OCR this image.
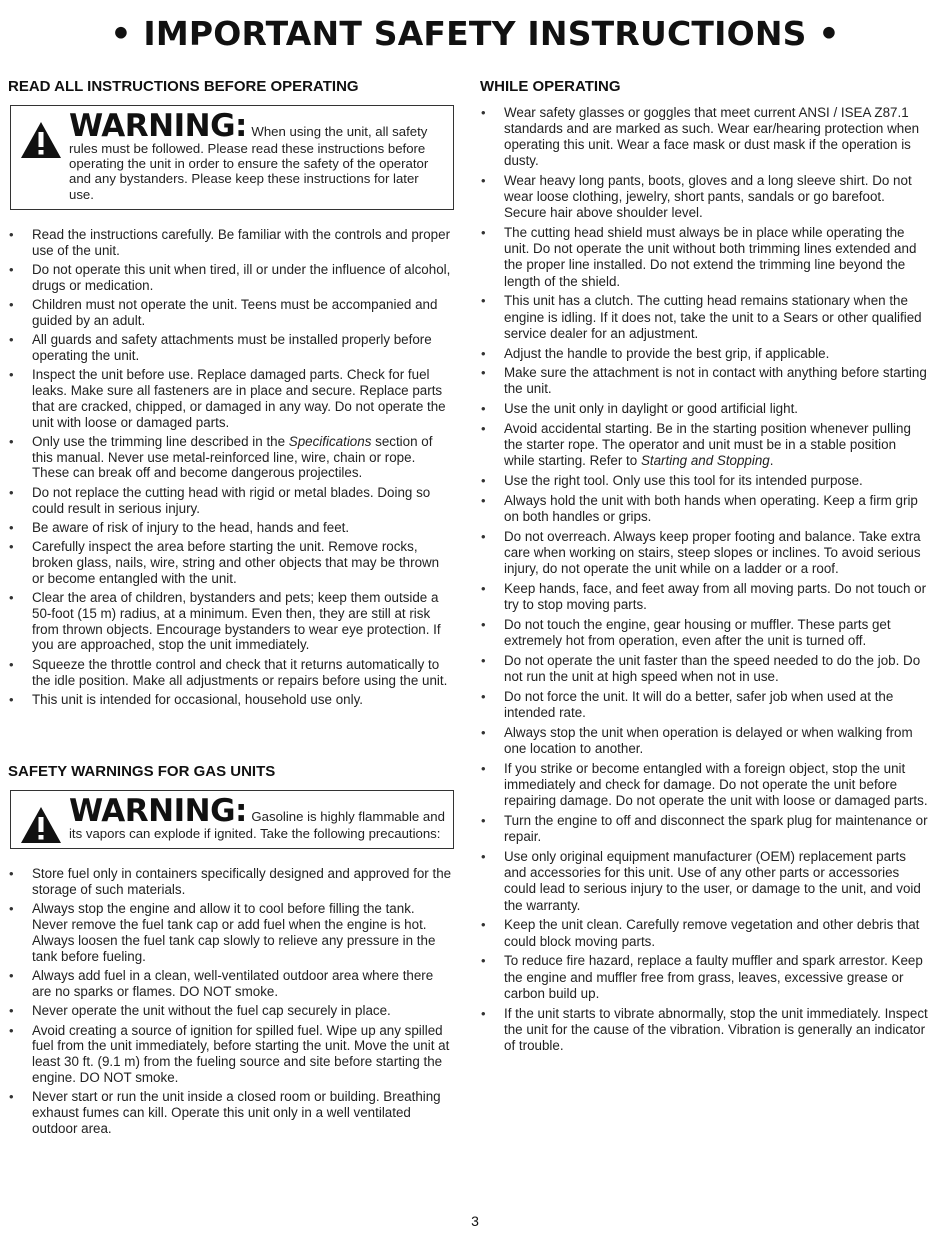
• IMPORTANT SAFETY INSTRUCTIONS •
READ ALL INSTRUCTIONS BEFORE OPERATING
WARNING: When using the unit, all safety
rules must be followed. Please read these instructions before operating the unit in order to ensure the safety of the operator and any bystanders. Please keep these instructions for later use.
• Read the instructions carefully. Be familiar with the controls and proper use of the unit.
• Do not operate this unit when tired, ill or under the influence of alcohol, drugs or medication.
• Children must not operate the unit. Teens must be accompanied and guided by an adult.
• All guards and safety attachments must be installed properly before operating the unit.
• Inspect the unit before use. Replace damaged parts. Check for fuel leaks. Make sure all fasteners are in place and secure. Replace parts that are cracked, chipped, or damaged in any way. Do not operate the unit with loose or damaged parts.
• Only use the trimming line described in the Specifications section of this manual. Never use metal-reinforced line, wire, chain or rope. These can break off and become dangerous projectiles.
• Do not replace the cutting head with rigid or metal blades. Doing so could result in serious injury.
• Be aware of risk of injury to the head, hands and feet.
• Carefully inspect the area before starting the unit. Remove rocks, broken glass, nails, wire, string and other objects that may be thrown or become entangled with the unit.
• Clear the area of children, bystanders and pets; keep them outside a 50-foot (15 m) radius, at a minimum. Even then, they are still at risk from thrown objects. Encourage bystanders to wear eye protection. If you are approached, stop the unit immediately.
• Squeeze the throttle control and check that it returns automatically to the idle position. Make all adjustments or repairs before using the unit.
• This unit is intended for occasional, household use only.
SAFETY WARNINGS FOR GAS UNITS
WARNING: Gasoline is highly flammable and
its vapors can explode if ignited. Take the following precautions:
• Store fuel only in containers specifically designed and approved for the storage of such materials.
• Always stop the engine and allow it to cool before filling the tank. Never remove the fuel tank cap or add fuel when the engine is hot. Always loosen the fuel tank cap slowly to relieve any pressure in the tank before fueling.
• Always add fuel in a clean, well-ventilated outdoor area where there are no sparks or flames. DO NOT smoke.
• Never operate the unit without the fuel cap securely in place.
• Avoid creating a source of ignition for spilled fuel. Wipe up any spilled fuel from the unit immediately, before starting the unit. Move the unit at least 30 ft. (9.1 m) from the fueling source and site before starting the engine. DO NOT smoke.
• Never start or run the unit inside a closed room or building. Breathing exhaust fumes can kill. Operate this unit only in a well ventilated outdoor area.
WHILE OPERATING
• Wear safety glasses or goggles that meet current ANSI / ISEA Z87.1 standards and are marked as such. Wear ear/hearing protection when operating this unit. Wear a face mask or dust mask if the operation is dusty.
• Wear heavy long pants, boots, gloves and a long sleeve shirt. Do not wear loose clothing, jewelry, short pants, sandals or go barefoot. Secure hair above shoulder level.
• The cutting head shield must always be in place while operating the unit. Do not operate the unit without both trimming lines extended and the proper line installed. Do not extend the trimming line beyond the length of the shield.
• This unit has a clutch. The cutting head remains stationary when the engine is idling. If it does not, take the unit to a Sears or other qualified service dealer for an adjustment.
• Adjust the handle to provide the best grip, if applicable.
• Make sure the attachment is not in contact with anything before starting the unit.
• Use the unit only in daylight or good artificial light.
• Avoid accidental starting. Be in the starting position whenever pulling the starter rope. The operator and unit must be in a stable position while starting. Refer to Starting and Stopping.
• Use the right tool. Only use this tool for its intended purpose.
• Always hold the unit with both hands when operating. Keep a firm grip on both handles or grips.
• Do not overreach. Always keep proper footing and balance. Take extra care when working on stairs, steep slopes or inclines. To avoid serious injury, do not operate the unit while on a ladder or a roof.
• Keep hands, face, and feet away from all moving parts. Do not touch or try to stop moving parts.
• Do not touch the engine, gear housing or muffler. These parts get extremely hot from operation, even after the unit is turned off.
• Do not operate the unit faster than the speed needed to do the job. Do not run the unit at high speed when not in use.
• Do not force the unit. It will do a better, safer job when used at the intended rate.
• Always stop the unit when operation is delayed or when walking from one location to another.
• If you strike or become entangled with a foreign object, stop the unit immediately and check for damage. Do not operate the unit before repairing damage. Do not operate the unit with loose or damaged parts.
• Turn the engine to off and disconnect the spark plug for maintenance or repair.
• Use only original equipment manufacturer (OEM) replacement parts and accessories for this unit. Use of any other parts or accessories could lead to serious injury to the user, or damage to the unit, and void the warranty.
• Keep the unit clean. Carefully remove vegetation and other debris that could block moving parts.
• To reduce fire hazard, replace a faulty muffler and spark arrestor. Keep the engine and muffler free from grass, leaves, excessive grease or carbon build up.
• If the unit starts to vibrate abnormally, stop the unit immediately. Inspect the unit for the cause of the vibration. Vibration is generally an indicator of trouble.
3
